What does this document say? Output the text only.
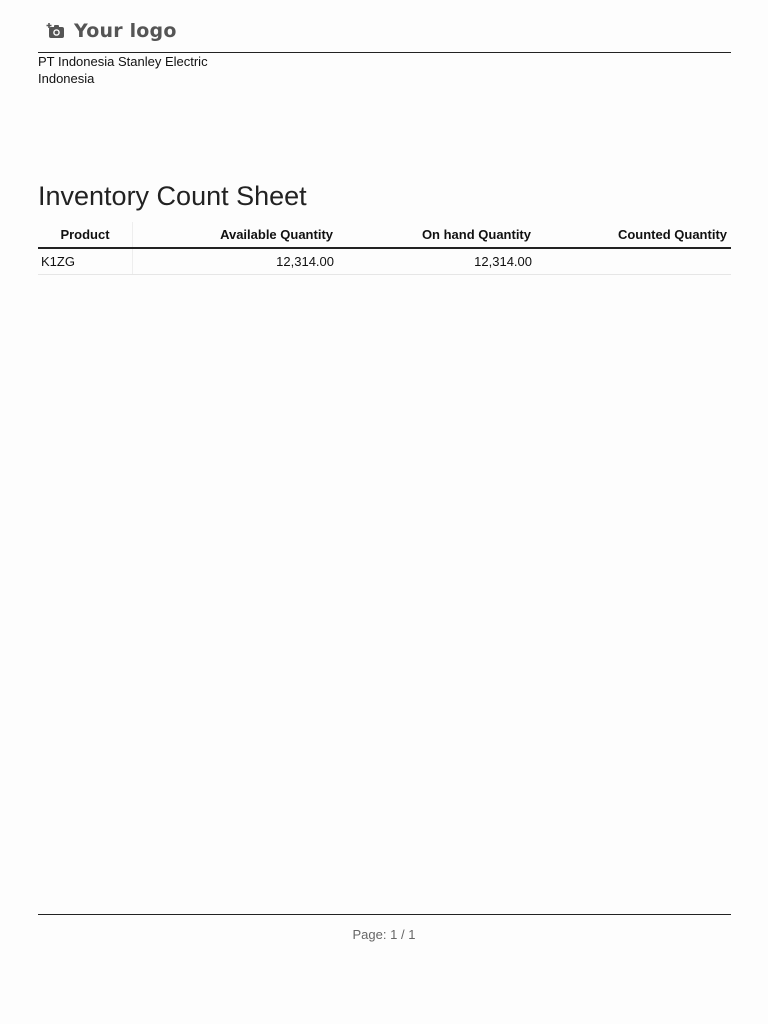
Your logo
PT Indonesia Stanley Electric
Indonesia
Inventory Count Sheet
Product	Available Quantity	On hand Quantity	Counted Quantity
K1ZG	12,314.00	12,314.00	
Page: 1 / 1
